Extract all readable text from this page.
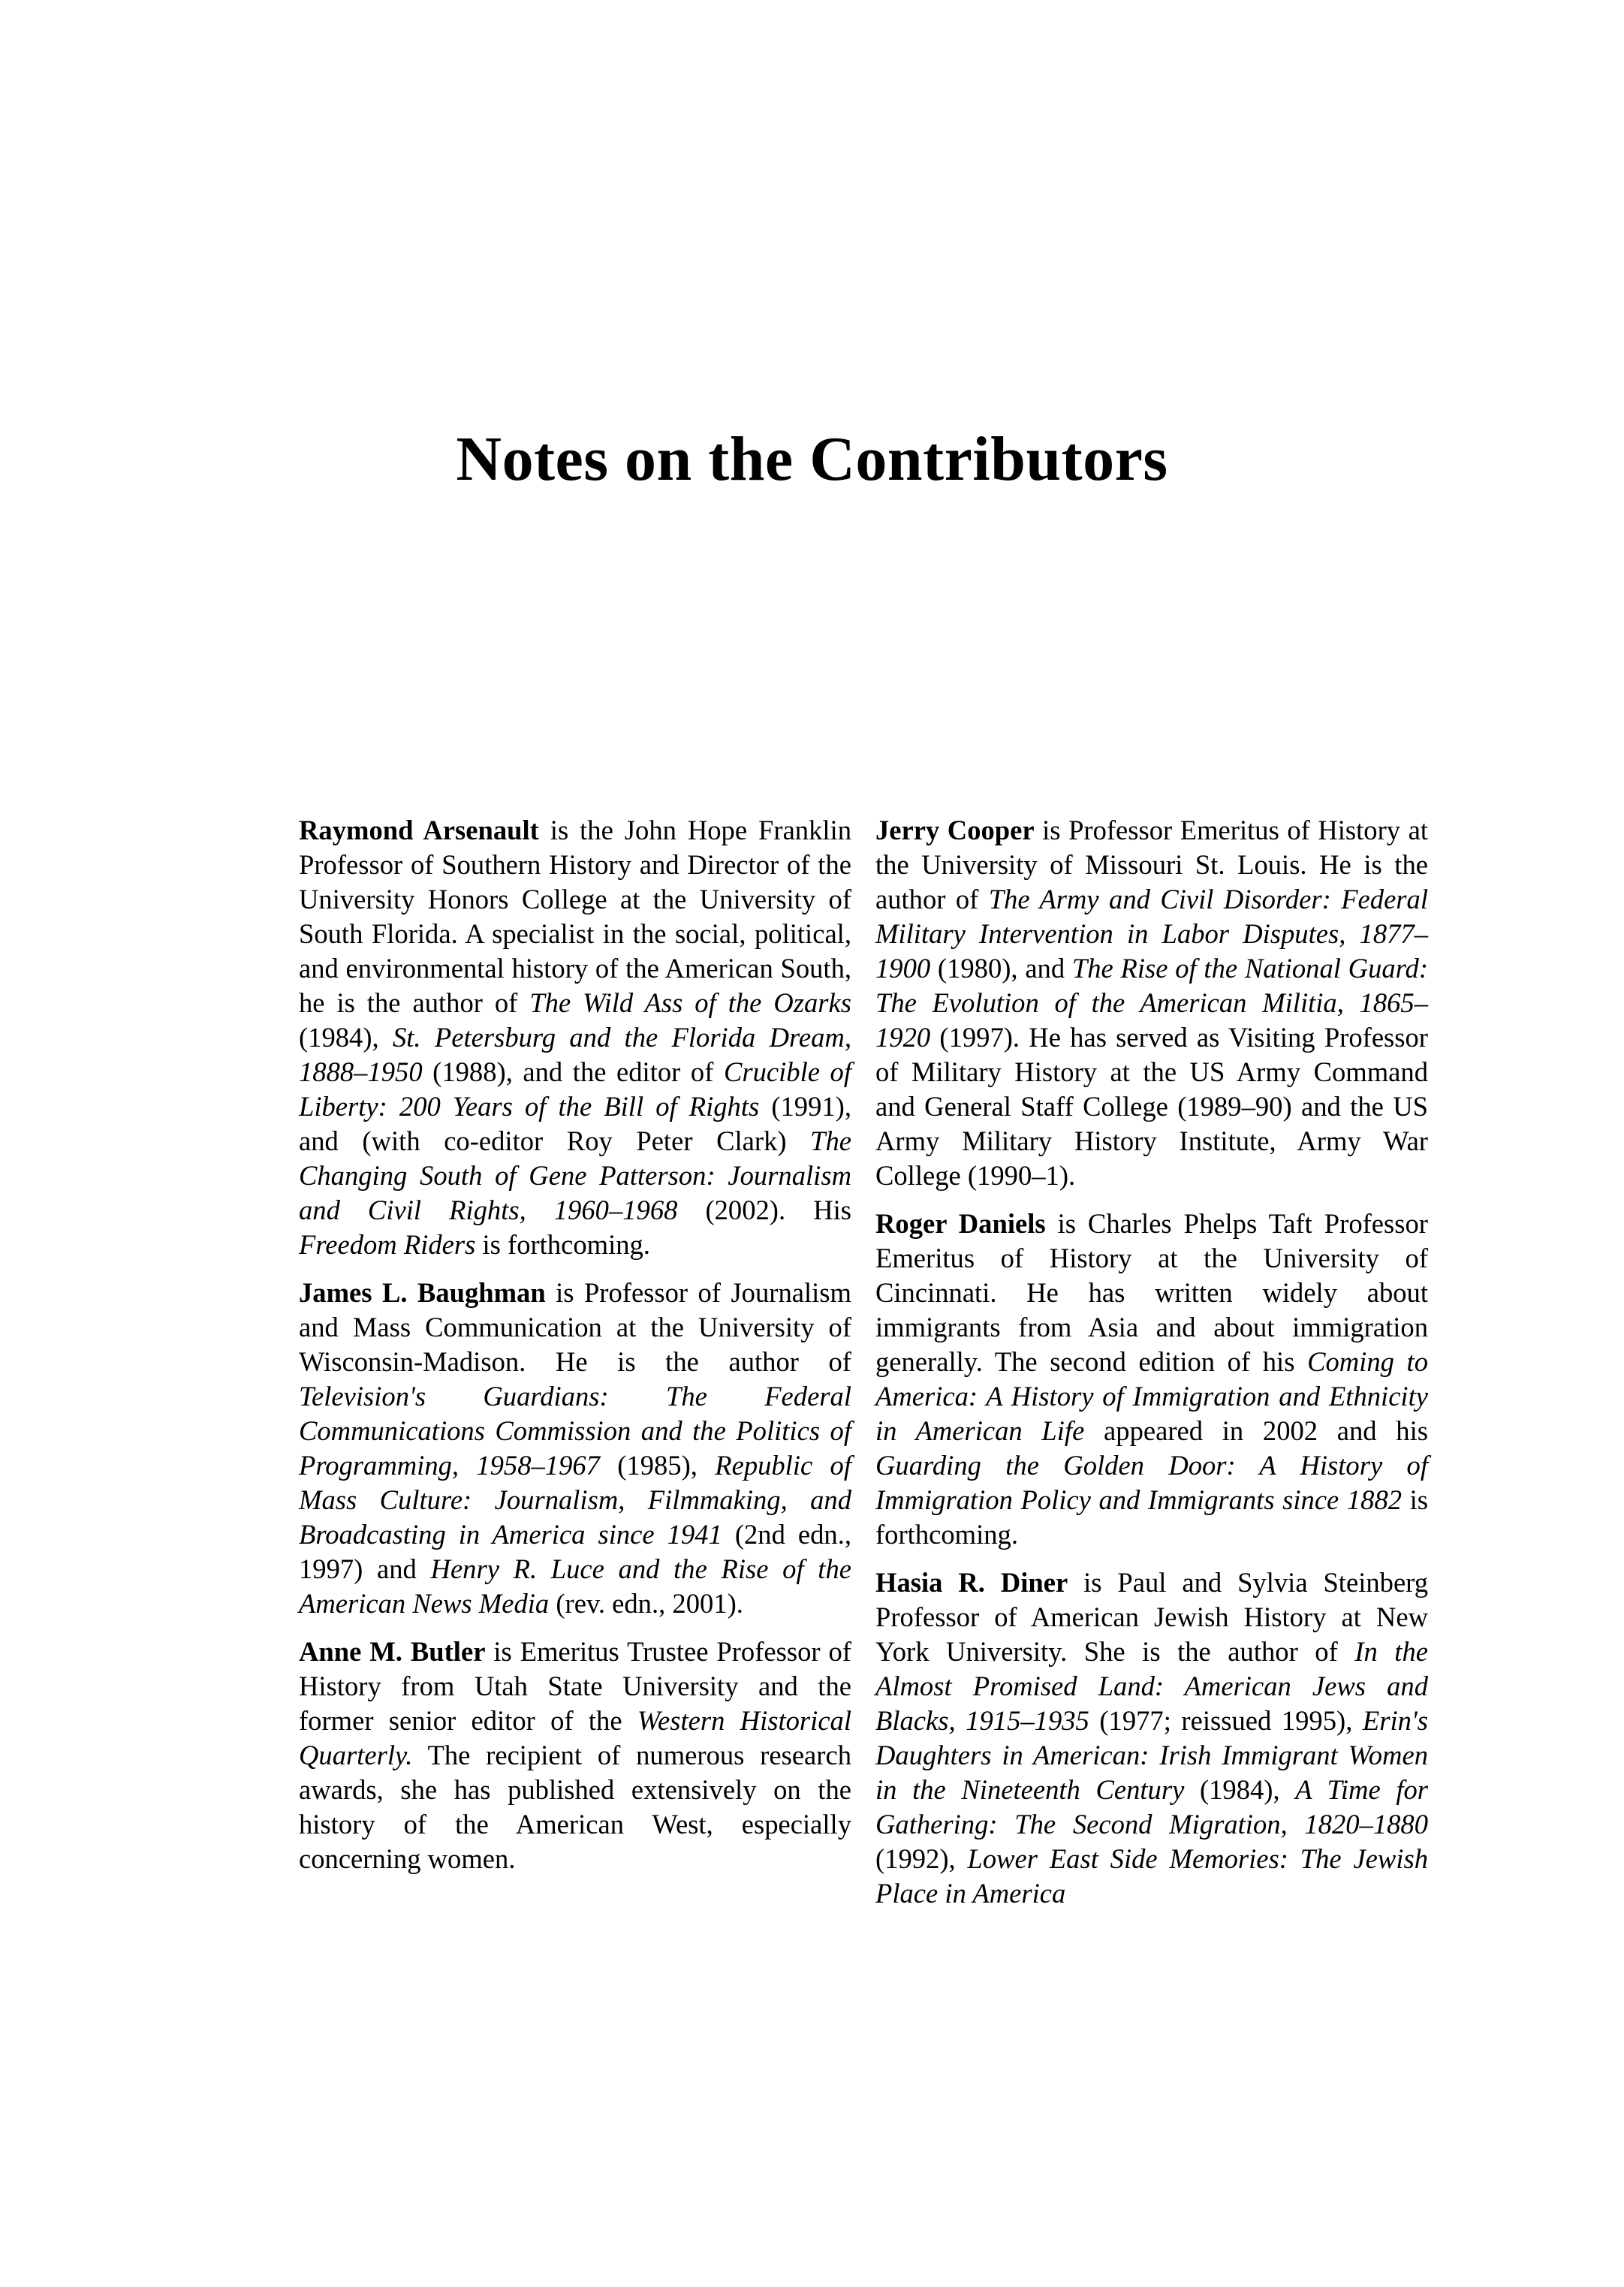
Notes on the Contributors

Raymond Arsenault is the John Hope Franklin Professor of Southern History and Director of the University Honors College at the University of South Florida. A specialist in the social, political, and environmental history of the American South, he is the author of The Wild Ass of the Ozarks (1984), St. Petersburg and the Florida Dream, 1888–1950 (1988), and the editor of Crucible of Liberty: 200 Years of the Bill of Rights (1991), and (with co-editor Roy Peter Clark) The Changing South of Gene Patterson: Journalism and Civil Rights, 1960–1968 (2002). His Freedom Riders is forthcoming.

James L. Baughman is Professor of Journalism and Mass Communication at the University of Wisconsin-Madison. He is the author of Television's Guardians: The Federal Communications Commission and the Politics of Programming, 1958–1967 (1985), Republic of Mass Culture: Journalism, Filmmaking, and Broadcasting in America since 1941 (2nd edn., 1997) and Henry R. Luce and the Rise of the American News Media (rev. edn., 2001).

Anne M. Butler is Emeritus Trustee Professor of History from Utah State University and the former senior editor of the Western Historical Quarterly. The recipient of numerous research awards, she has published extensively on the history of the American West, especially concerning women.

Jerry Cooper is Professor Emeritus of History at the University of Missouri St. Louis. He is the author of The Army and Civil Disorder: Federal Military Intervention in Labor Disputes, 1877–1900 (1980), and The Rise of the National Guard: The Evolution of the American Militia, 1865–1920 (1997). He has served as Visiting Professor of Military History at the US Army Command and General Staff College (1989–90) and the US Army Military History Institute, Army War College (1990–1).

Roger Daniels is Charles Phelps Taft Professor Emeritus of History at the University of Cincinnati. He has written widely about immigrants from Asia and about immigration generally. The second edition of his Coming to America: A History of Immigration and Ethnicity in American Life appeared in 2002 and his Guarding the Golden Door: A History of Immigration Policy and Immigrants since 1882 is forthcoming.

Hasia R. Diner is Paul and Sylvia Steinberg Professor of American Jewish History at New York University. She is the author of In the Almost Promised Land: American Jews and Blacks, 1915–1935 (1977; reissued 1995), Erin's Daughters in American: Irish Immigrant Women in the Nineteenth Century (1984), A Time for Gathering: The Second Migration, 1820–1880 (1992), Lower East Side Memories: The Jewish Place in America
